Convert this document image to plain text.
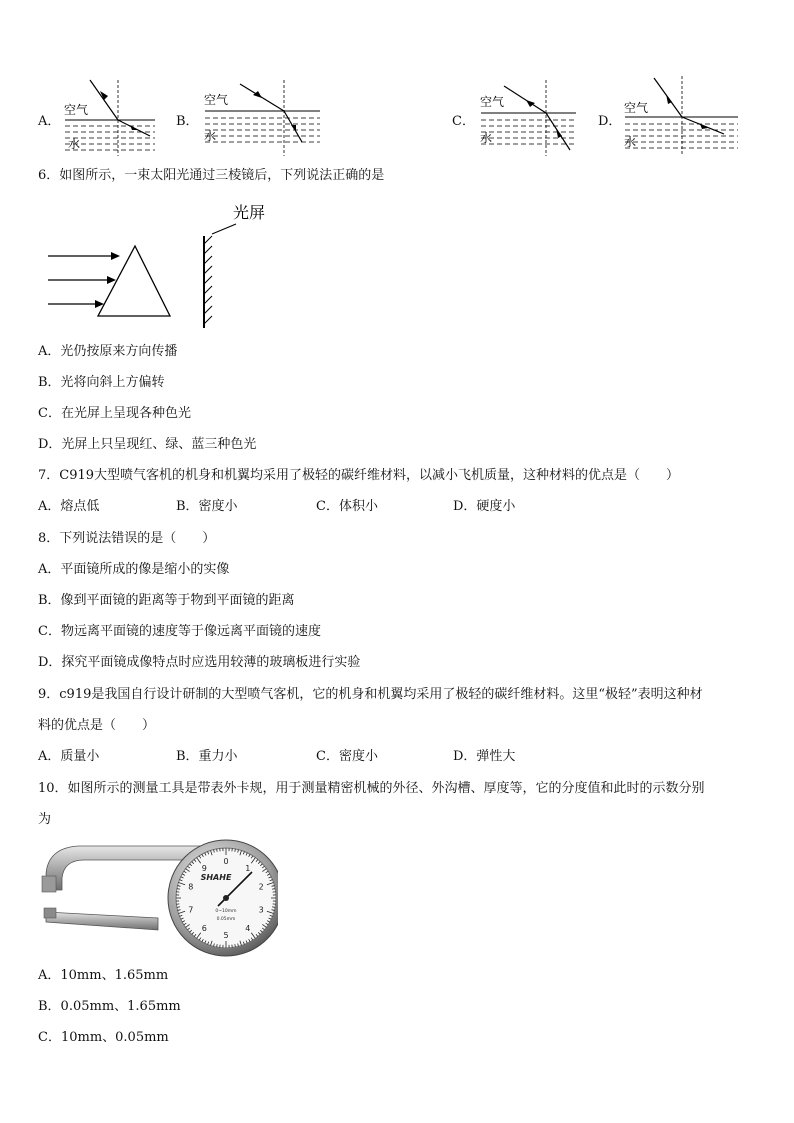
A．
空气
水
B．
空气
水
C．
空气
水
D．
空气
水
6．如图所示，一束太阳光通过三棱镜后，下列说法正确的是
光屏
A．光仍按原来方向传播
B．光将向斜上方偏转
C．在光屏上呈现各种色光
D．光屏上只呈现红、绿、蓝三种色光
7．C919大型喷气客机的机身和机翼均采用了极轻的碳纤维材料，以减小飞机质量，这种材料的优点是（　　）
A．熔点低	B．密度小	C．体积小	D．硬度小
8．下列说法错误的是（　　）
A．平面镜所成的像是缩小的实像
B．像到平面镜的距离等于物到平面镜的距离
C．物远离平面镜的速度等于像远离平面镜的速度
D．探究平面镜成像特点时应选用较薄的玻璃板进行实验
9．c919是我国自行设计研制的大型喷气客机，它的机身和机翼均采用了极轻的碳纤维材料。这里“极轻”表明这种材
料的优点是（　　）
A．质量小	B．重力小	C．密度小	D．弹性大
10．如图所示的测量工具是带表外卡规，用于测量精密机械的外径、外沟槽、厚度等，它的分度值和此时的示数分别
为
0
1
2
3
4
5
6
7
8
9
SHAHE
0~10mm
0.05mm
A．10mm、1.65mm
B．0.05mm、1.65mm
C．10mm、0.05mm
